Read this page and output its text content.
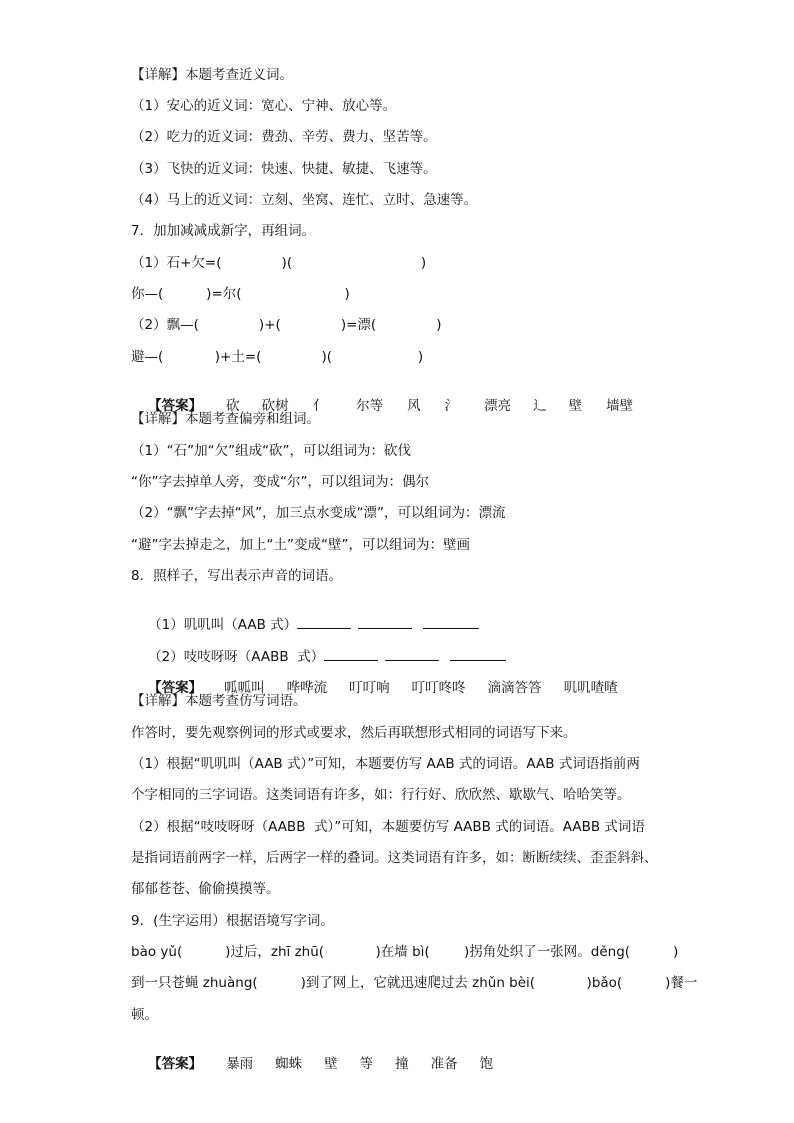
【详解】本题考查近义词。
（1）安心的近义词：宽心、宁神、放心等。
（2）吃力的近义词：费劲、辛劳、费力、坚苦等。
（3）飞快的近义词：快速、快捷、敏捷、飞速等。
（4）马上的近义词：立刻、坐窝、连忙、立时、急速等。
7．加加减减成新字，再组词。
（1）石+欠=(              )(                              )
你—(          )=尔(                        )
（2）飘—(              )+(              )=漂(              )
避—(            )+土=(              )(                    )

【答案】 砍 砍树 亻 尔等 风 氵 漂亮 辶 壁 墙壁

【详解】本题考查偏旁和组词。
（1）“石”加“欠”组成“砍”，可以组词为：砍伐
“你”字去掉单人旁，变成“尔”，可以组词为：偶尔
（2）“飘”字去掉“风”，加三点水变成“漂”，可以组词为：漂流
“避”字去掉走之，加上“土”变成“壁”，可以组词为：壁画
8．照样子，写出表示声音的词语。

（1）叽叽叫（AAB 式）

（2）吱吱呀呀（AABB  式）

【答案】 呱呱叫 哗哗流 叮叮响 叮叮咚咚 滴滴答答 叽叽喳喳

【详解】本题考查仿写词语。
作答时，要先观察例词的形式或要求，然后再联想形式相同的词语写下来。
（1）根据“叽叽叫（AAB 式）”可知，本题要仿写 AAB 式的词语。AAB 式词语指前两
个字相同的三字词语。这类词语有许多，如：行行好、欣欣然、歇歇气、哈哈笑等。
（2）根据“吱吱呀呀（AABB  式）”可知，本题要仿写 AABB 式的词语。AABB 式词语
是指词语前两字一样，后两字一样的叠词。这类词语有许多，如：断断续续、歪歪斜斜、
郁郁苍苍、偷偷摸摸等。
9．(生字运用）根据语境写字词。
bào yǔ(          )过后，zhī zhū(            )在墙 bì(        )拐角处织了一张网。děng(          )
到一只苍蝇 zhuàng(          )到了网上，它就迅速爬过去 zhǔn bèi(            )bǎo(          )餐一
顿。

【答案】 暴雨 蜘蛛 壁 等 撞 准备 饱
